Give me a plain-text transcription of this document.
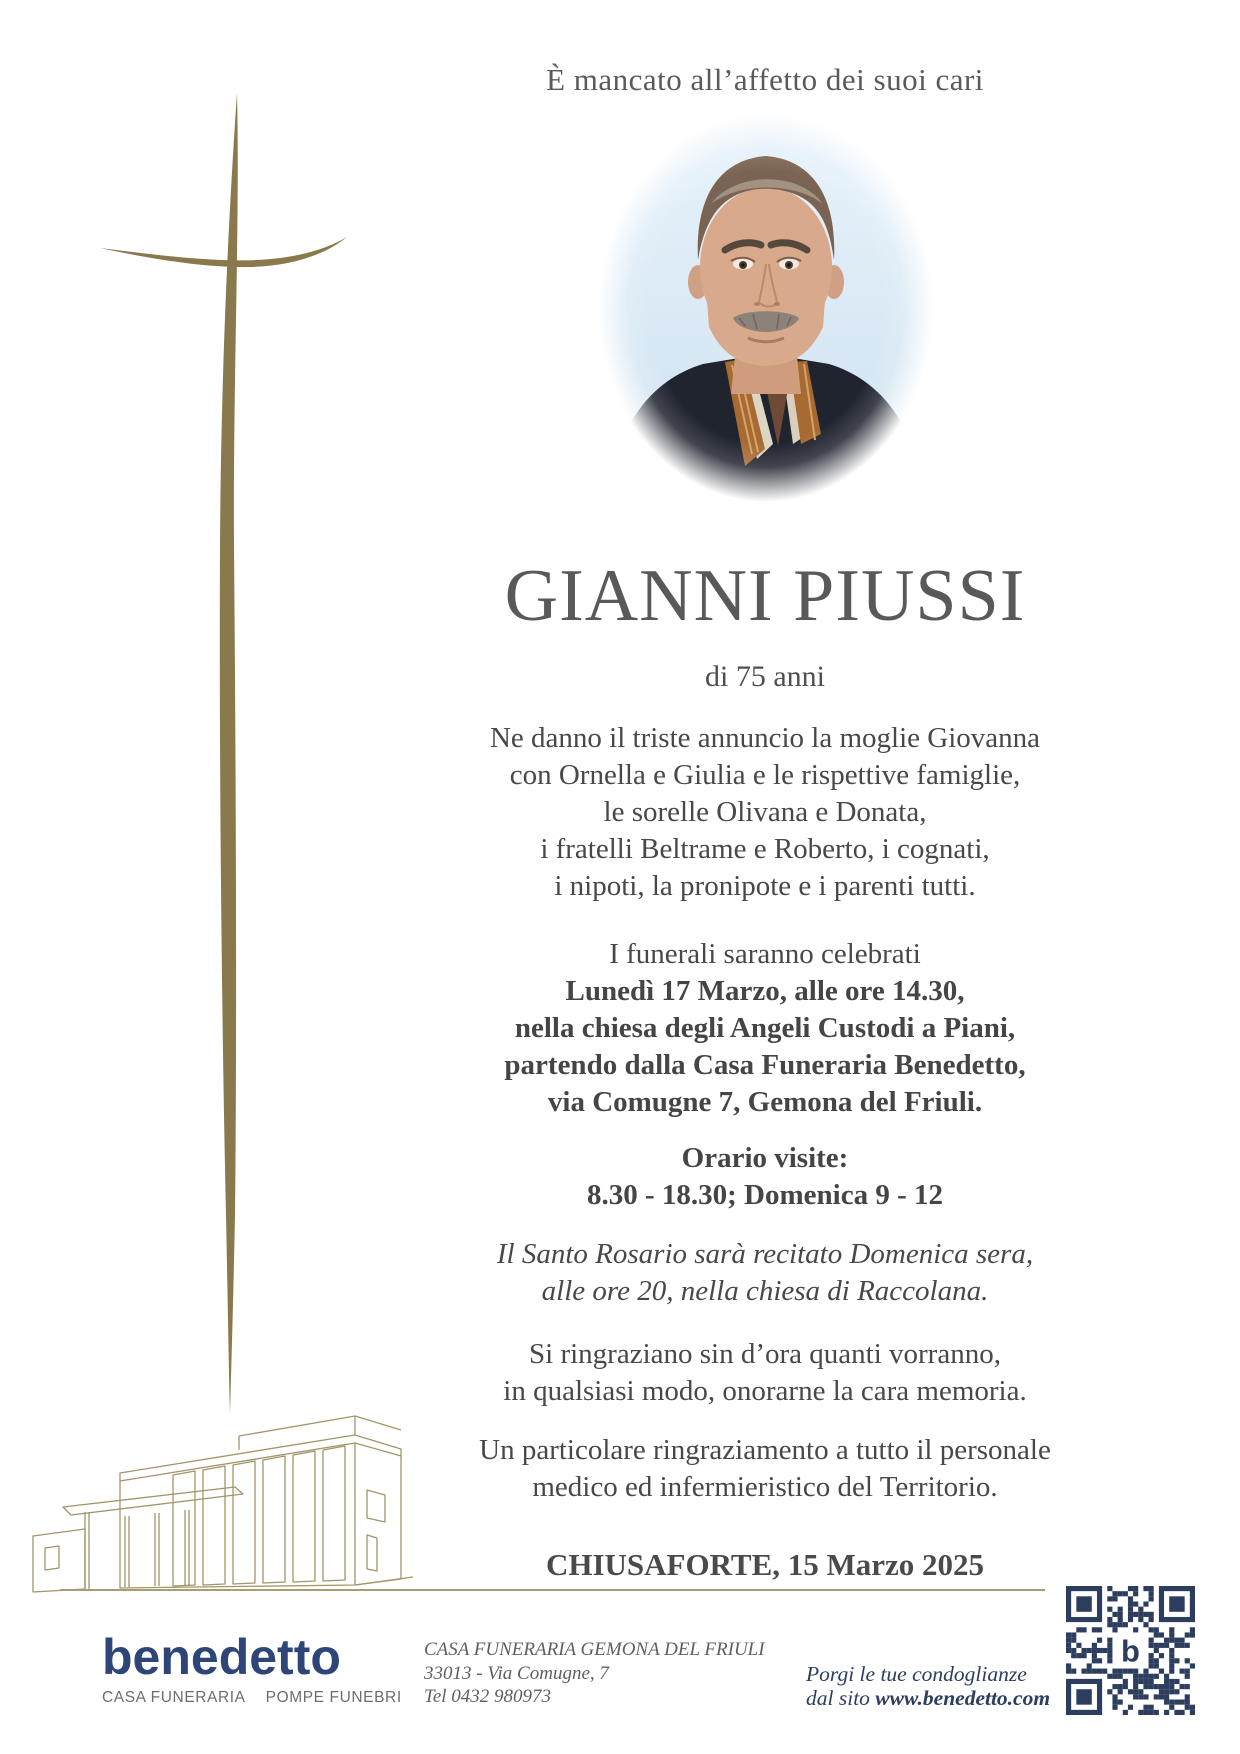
È mancato all’affetto dei suoi cari
GIANNI PIUSSI
di 75 anni
Ne danno il triste annuncio la moglie Giovanna
con Ornella e Giulia e le rispettive famiglie,
le sorelle Olivana e Donata,
i fratelli Beltrame e Roberto, i cognati,
i nipoti, la pronipote e i parenti tutti.
I funerali saranno celebrati
Lunedì 17 Marzo, alle ore 14.30,
nella chiesa degli Angeli Custodi a Piani,
partendo dalla Casa Funeraria Benedetto,
via Comugne 7, Gemona del Friuli.
Orario visite:
8.30 - 18.30; Domenica 9 - 12
Il Santo Rosario sarà recitato Domenica sera,
alle ore 20, nella chiesa di Raccolana.
Si ringraziano sin d’ora quanti vorranno,
in qualsiasi modo, onorarne la cara memoria.
Un particolare ringraziamento a tutto il personale
medico ed infermieristico del Territorio.
CHIUSAFORTE, 15 Marzo 2025
benedetto
CASA FUNERARIA POMPE FUNEBRI
CASA FUNERARIA GEMONA DEL FRIULI
33013 - Via Comugne, 7
Tel 0432 980973
Porgi le tue condoglianze
dal sito www.benedetto.com
b
